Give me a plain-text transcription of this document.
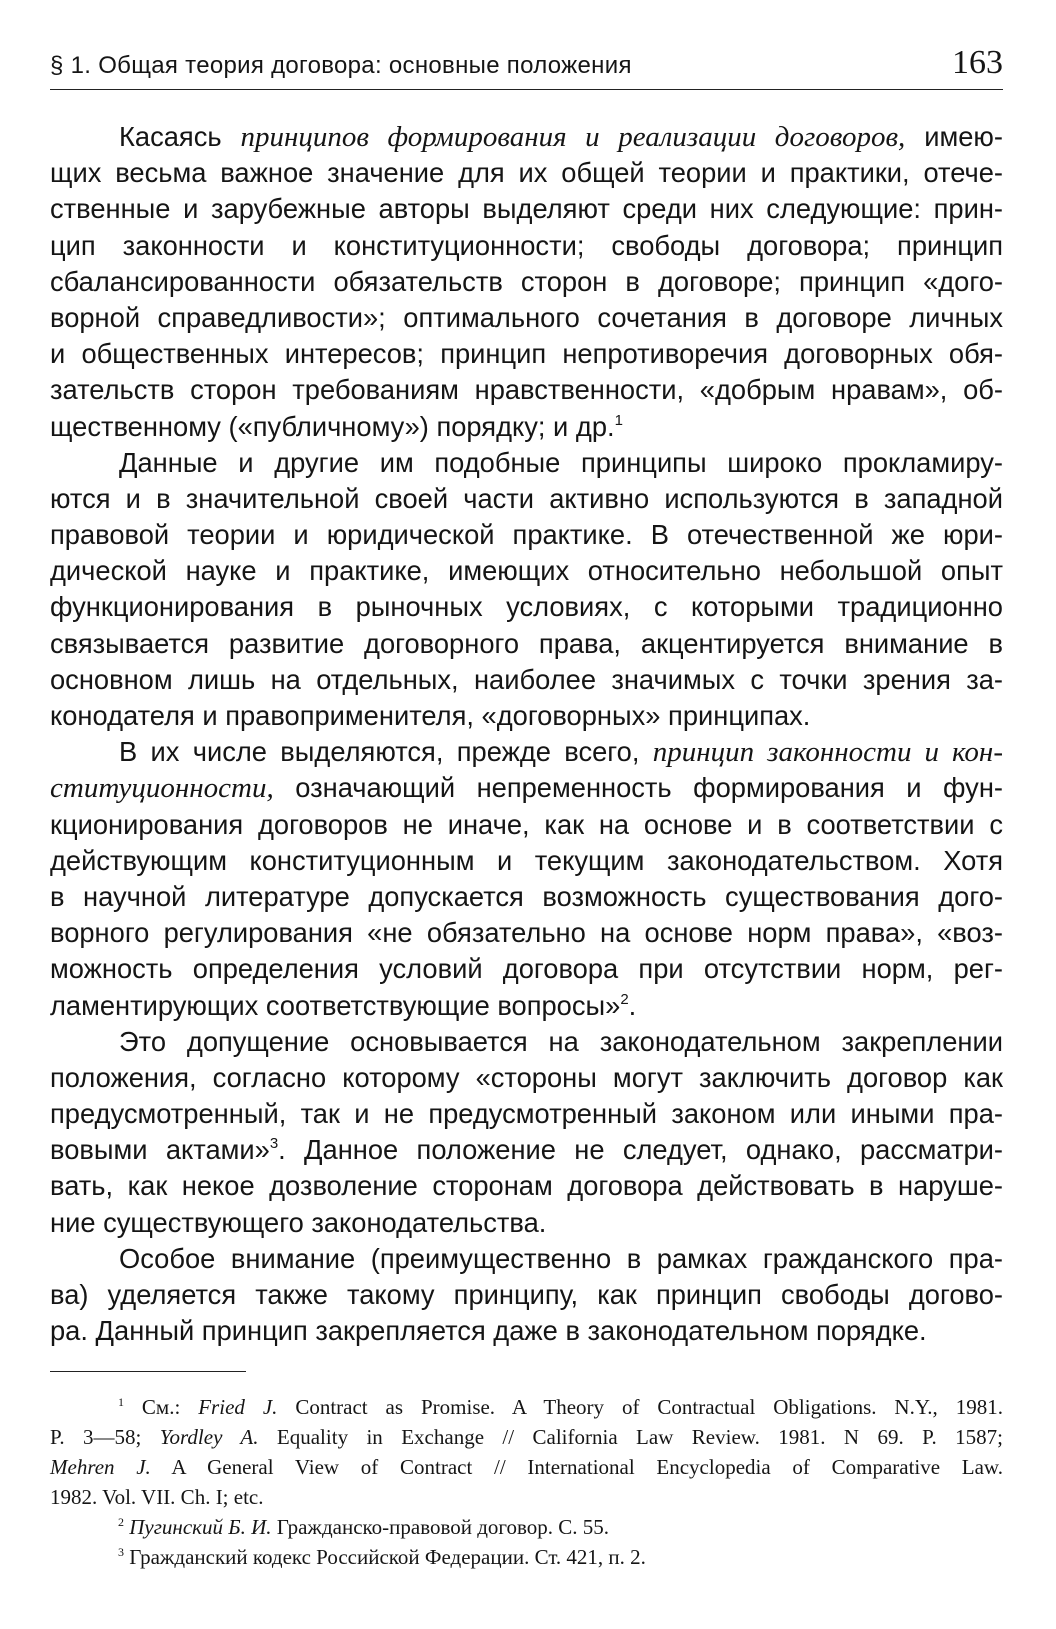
§ 1. Общая теория договора: основные положения	163
Касаясь принципов формирования и реализации договоров, имею-
щих весьма важное значение для их общей теории и практики, отече-
ственные и зарубежные авторы выделяют среди них следующие: прин-
цип законности и конституционности; свободы договора; принцип
сбалансированности обязательств сторон в договоре; принцип «дого-
ворной справедливости»; оптимального сочетания в договоре личных
и общественных интересов; принцип непротиворечия договорных обя-
зательств сторон требованиям нравственности, «добрым нравам», об-
щественному («публичному») порядку; и др.$^1$
Данные и другие им подобные принципы широко прокламиру-
ются и в значительной своей части активно используются в западной
правовой теории и юридической практике. В отечественной же юри-
дической науке и практике, имеющих относительно небольшой опыт
функционирования в рыночных условиях, с которыми традиционно
связывается развитие договорного права, акцентируется внимание в
основном лишь на отдельных, наиболее значимых с точки зрения за-
конодателя и правоприменителя, «договорных» принципах.
В их числе выделяются, прежде всего, принцип законности и кон-
ституционности, означающий непременность формирования и фун-
кционирования договоров не иначе, как на основе и в соответствии с
действующим конституционным и текущим законодательством. Хотя
в научной литературе допускается возможность существования дого-
ворного регулирования «не обязательно на основе норм права», «воз-
можность определения условий договора при отсутствии норм, рег-
ламентирующих соответствующие вопросы»$^2$.
Это допущение основывается на законодательном закреплении
положения, согласно которому «стороны могут заключить договор как
предусмотренный, так и не предусмотренный законом или иными пра-
вовыми актами»$^3$. Данное положение не следует, однако, рассматри-
вать, как некое дозволение сторонам договора действовать в наруше-
ние существующего законодательства.
Особое внимание (преимущественно в рамках гражданского пра-
ва) уделяется также такому принципу, как принцип свободы догово-
ра. Данный принцип закрепляется даже в законодательном порядке.
$^1$ См.: Fried J. Contract as Promise. A Theory of Contractual Obligations. N.Y., 1981.
P. 3—58; Yordley A. Equality in Exchange // California Law Review. 1981. N 69. P. 1587;
Mehren J. A General View of Contract // International Encyclopedia of Comparative Law.
1982. Vol. VII. Ch. I; etc.
$^2$ Пугинский Б. И. Гражданско-правовой договор. С. 55.
$^3$ Гражданский кодекс Российской Федерации. Ст. 421, п. 2.
